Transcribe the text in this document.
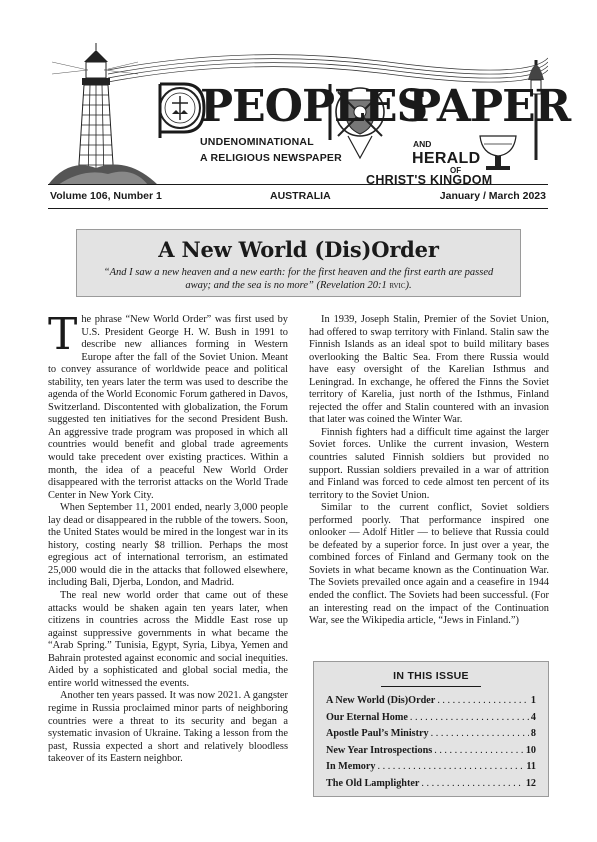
PEOPLES
PAPER
UNDENOMINATIONAL
A RELIGIOUS NEWSPAPER
AND
HERALD
OF
CHRIST'S KINGDOM
Volume 106, Number 1	AUSTRALIA	January / March 2023
A New World (Dis)Order
“And I saw a new heaven and a new earth: for the first heaven and the first earth are passed away; and the sea is no more” (Revelation 20:1 rvic).

The phrase “New World Order” was first used by U.S. President George H. W. Bush in 1991 to describe new alliances forming in Western Europe after the fall of the Soviet Union. Meant to convey assurance of worldwide peace and political stability, ten years later the term was used to describe the agenda of the World Economic Forum gathered in Davos, Switzerland. Discontented with globalization, the Forum suggested ten initiatives for the second President Bush. An aggressive trade program was proposed in which all countries would benefit and global trade agreements would take precedent over existing practices. Within a month, the idea of a peaceful New World Order disappeared with the terrorist attacks on the World Trade Center in New York City.

When September 11, 2001 ended, nearly 3,000 people lay dead or disappeared in the rubble of the towers. Soon, the United States would be mired in the longest war in its history, costing nearly $8 trillion. Perhaps the most egregious act of international terrorism, an estimated 25,000 would die in the attacks that followed elsewhere, including Bali, Djerba, London, and Madrid.

The real new world order that came out of these attacks would be shaken again ten years later, when citizens in countries across the Middle East rose up against suppressive governments in what became the “Arab Spring.” Tunisia, Egypt, Syria, Libya, Yemen and Bahrain protested against economic and social inequities. Aided by a sophisticated and global social media, the entire world witnessed the events.

Another ten years passed. It was now 2021. A gangster regime in Russia proclaimed minor parts of neighboring countries were a threat to its security and began a systematic invasion of Ukraine. Taking a lesson from the past, Russia expected a short and relatively bloodless takeover of its Eastern neighbor.

In 1939, Joseph Stalin, Premier of the Soviet Union, had offered to swap territory with Finland. Stalin saw the Finnish Islands as an ideal spot to build military bases overlooking the Baltic Sea. From there Russia would have easy oversight of the Karelian Isthmus and Leningrad. In exchange, he offered the Finns the Soviet territory of Karelia, just north of the Isthmus, Finland rejected the offer and Stalin countered with an invasion that later was coined the Winter War.

Finnish fighters had a difficult time against the larger Soviet forces. Unlike the current invasion, Western countries saluted Finnish soldiers but provided no support. Russian soldiers prevailed in a war of attrition and Finland was forced to cede almost ten percent of its territory to the Soviet Union.

Similar to the current conflict, Soviet soldiers performed poorly. That performance inspired one onlooker — Adolf Hitler — to believe that Russia could be defeated by a superior force. In just over a year, the combined forces of Finland and Germany took on the Soviets in what became known as the Continuation War. The Soviets prevailed once again and a ceasefire in 1944 ended the conflict. The Soviets had been successful. (For an interesting read on the impact of the Continuation War, see the Wikipedia article, “Jews in Finland.”)

IN THIS ISSUE
A New World (Dis)Order . . .	1
Our Eternal Home . . .	4
Apostle Paul’s Ministry . . .	8
New Year Introspections . . .	10
In Memory . . .	11
The Old Lamplighter . . .	12
